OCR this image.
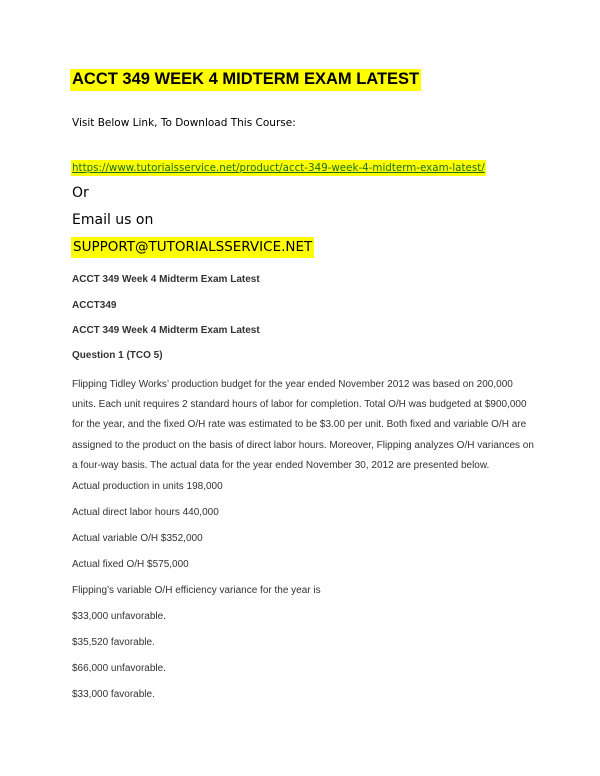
ACCT 349 WEEK 4 MIDTERM EXAM LATEST
Visit Below Link, To Download This Course:
https://www.tutorialsservice.net/product/acct-349-week-4-midterm-exam-latest/
Or
Email us on
SUPPORT@TUTORIALSSERVICE.NET
ACCT 349 Week 4 Midterm Exam Latest
ACCT349
ACCT 349 Week 4 Midterm Exam Latest
Question 1 (TCO 5)
Flipping Tidley Works’ production budget for the year ended November 2012 was based on 200,000
units. Each unit requires 2 standard hours of labor for completion. Total O/H was budgeted at $900,000
for the year, and the fixed O/H rate was estimated to be $3.00 per unit. Both fixed and variable O/H are
assigned to the product on the basis of direct labor hours. Moreover, Flipping analyzes O/H variances on
a four-way basis. The actual data for the year ended November 30, 2012 are presented below.
Actual production in units 198,000
Actual direct labor hours 440,000
Actual variable O/H $352,000
Actual fixed O/H $575,000
Flipping’s variable O/H efficiency variance for the year is
$33,000 unfavorable.
$35,520 favorable.
$66,000 unfavorable.
$33,000 favorable.
